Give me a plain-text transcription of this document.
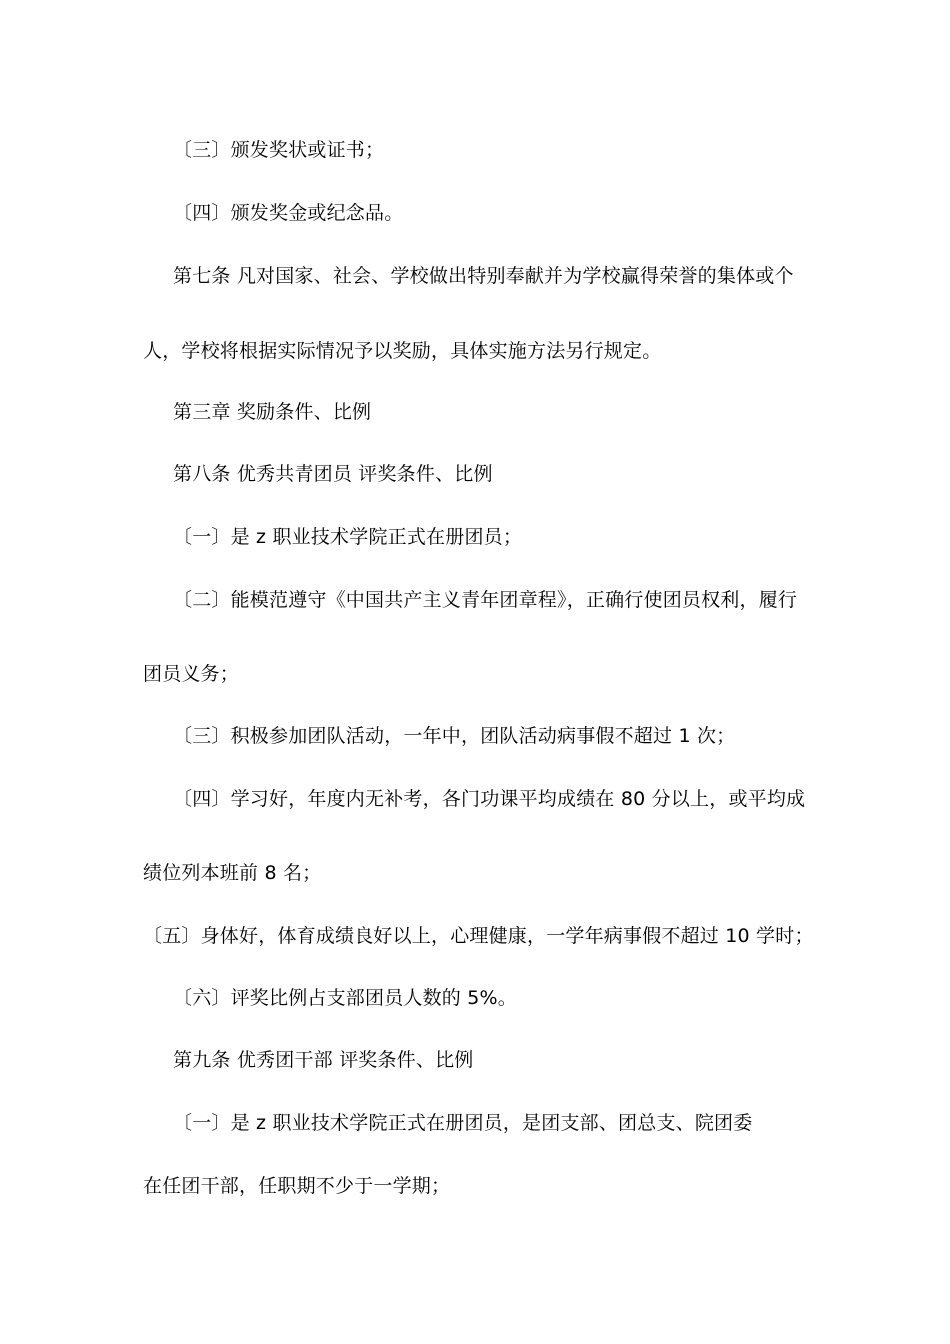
〔三〕颁发奖状或证书；
〔四〕颁发奖金或纪念品。
第七条 凡对国家、社会、学校做出特别奉献并为学校赢得荣誉的集体或个
人，学校将根据实际情况予以奖励，具体实施方法另行规定。
第三章 奖励条件、比例
第八条 优秀共青团员 评奖条件、比例
〔一〕是 z 职业技术学院正式在册团员；
〔二〕能模范遵守《中国共产主义青年团章程》，正确行使团员权利，履行
团员义务；
〔三〕积极参加团队活动，一年中，团队活动病事假不超过 1 次；
〔四〕学习好，年度内无补考，各门功课平均成绩在 80 分以上，或平均成
绩位列本班前 8 名；
〔五〕身体好，体育成绩良好以上，心理健康，一学年病事假不超过 10 学时；
〔六〕评奖比例占支部团员人数的 5%。
第九条 优秀团干部 评奖条件、比例
〔一〕是 z 职业技术学院正式在册团员，是团支部、团总支、院团委
在任团干部，任职期不少于一学期；
